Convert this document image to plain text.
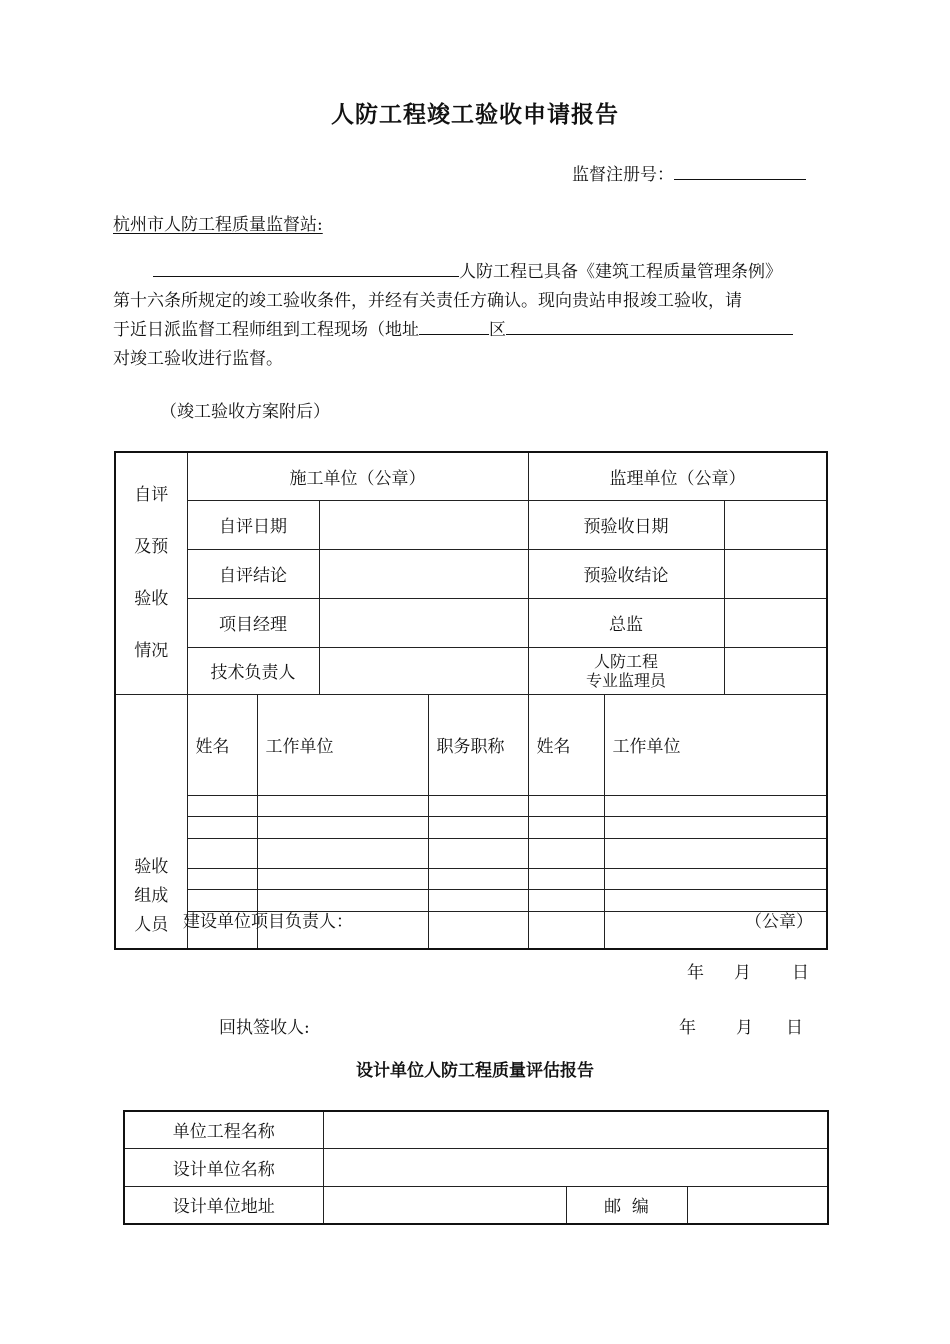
人防工程竣工验收申请报告
监督注册号：
杭州市人防工程质量监督站:
人防工程已具备《建筑工程质量管理条例》
第十六条所规定的竣工验收条件，并经有关责任方确认。现向贵站申报竣工验收，请
于近日派监督工程师组到工程现场（地址	区
对竣工验收进行监督。
（竣工验收方案附后）
自评
及预
验收
情况	施工单位（公章）				监理单位（公章）			
	自评日期				预验收日期			
	自评结论				预验收结论			
	项目经理				总监			
	技术负责人				人防工程
专业监理员			
验收
组成
人员	姓名	工作单位		职务职称	姓名	工作单位	

建设单位项目负责人：	（公章）
年 月 日
回执签收人:	年 月 日
设计单位人防工程质量评估报告
单位工程名称			
设计单位名称			
设计单位地址		邮  编	
